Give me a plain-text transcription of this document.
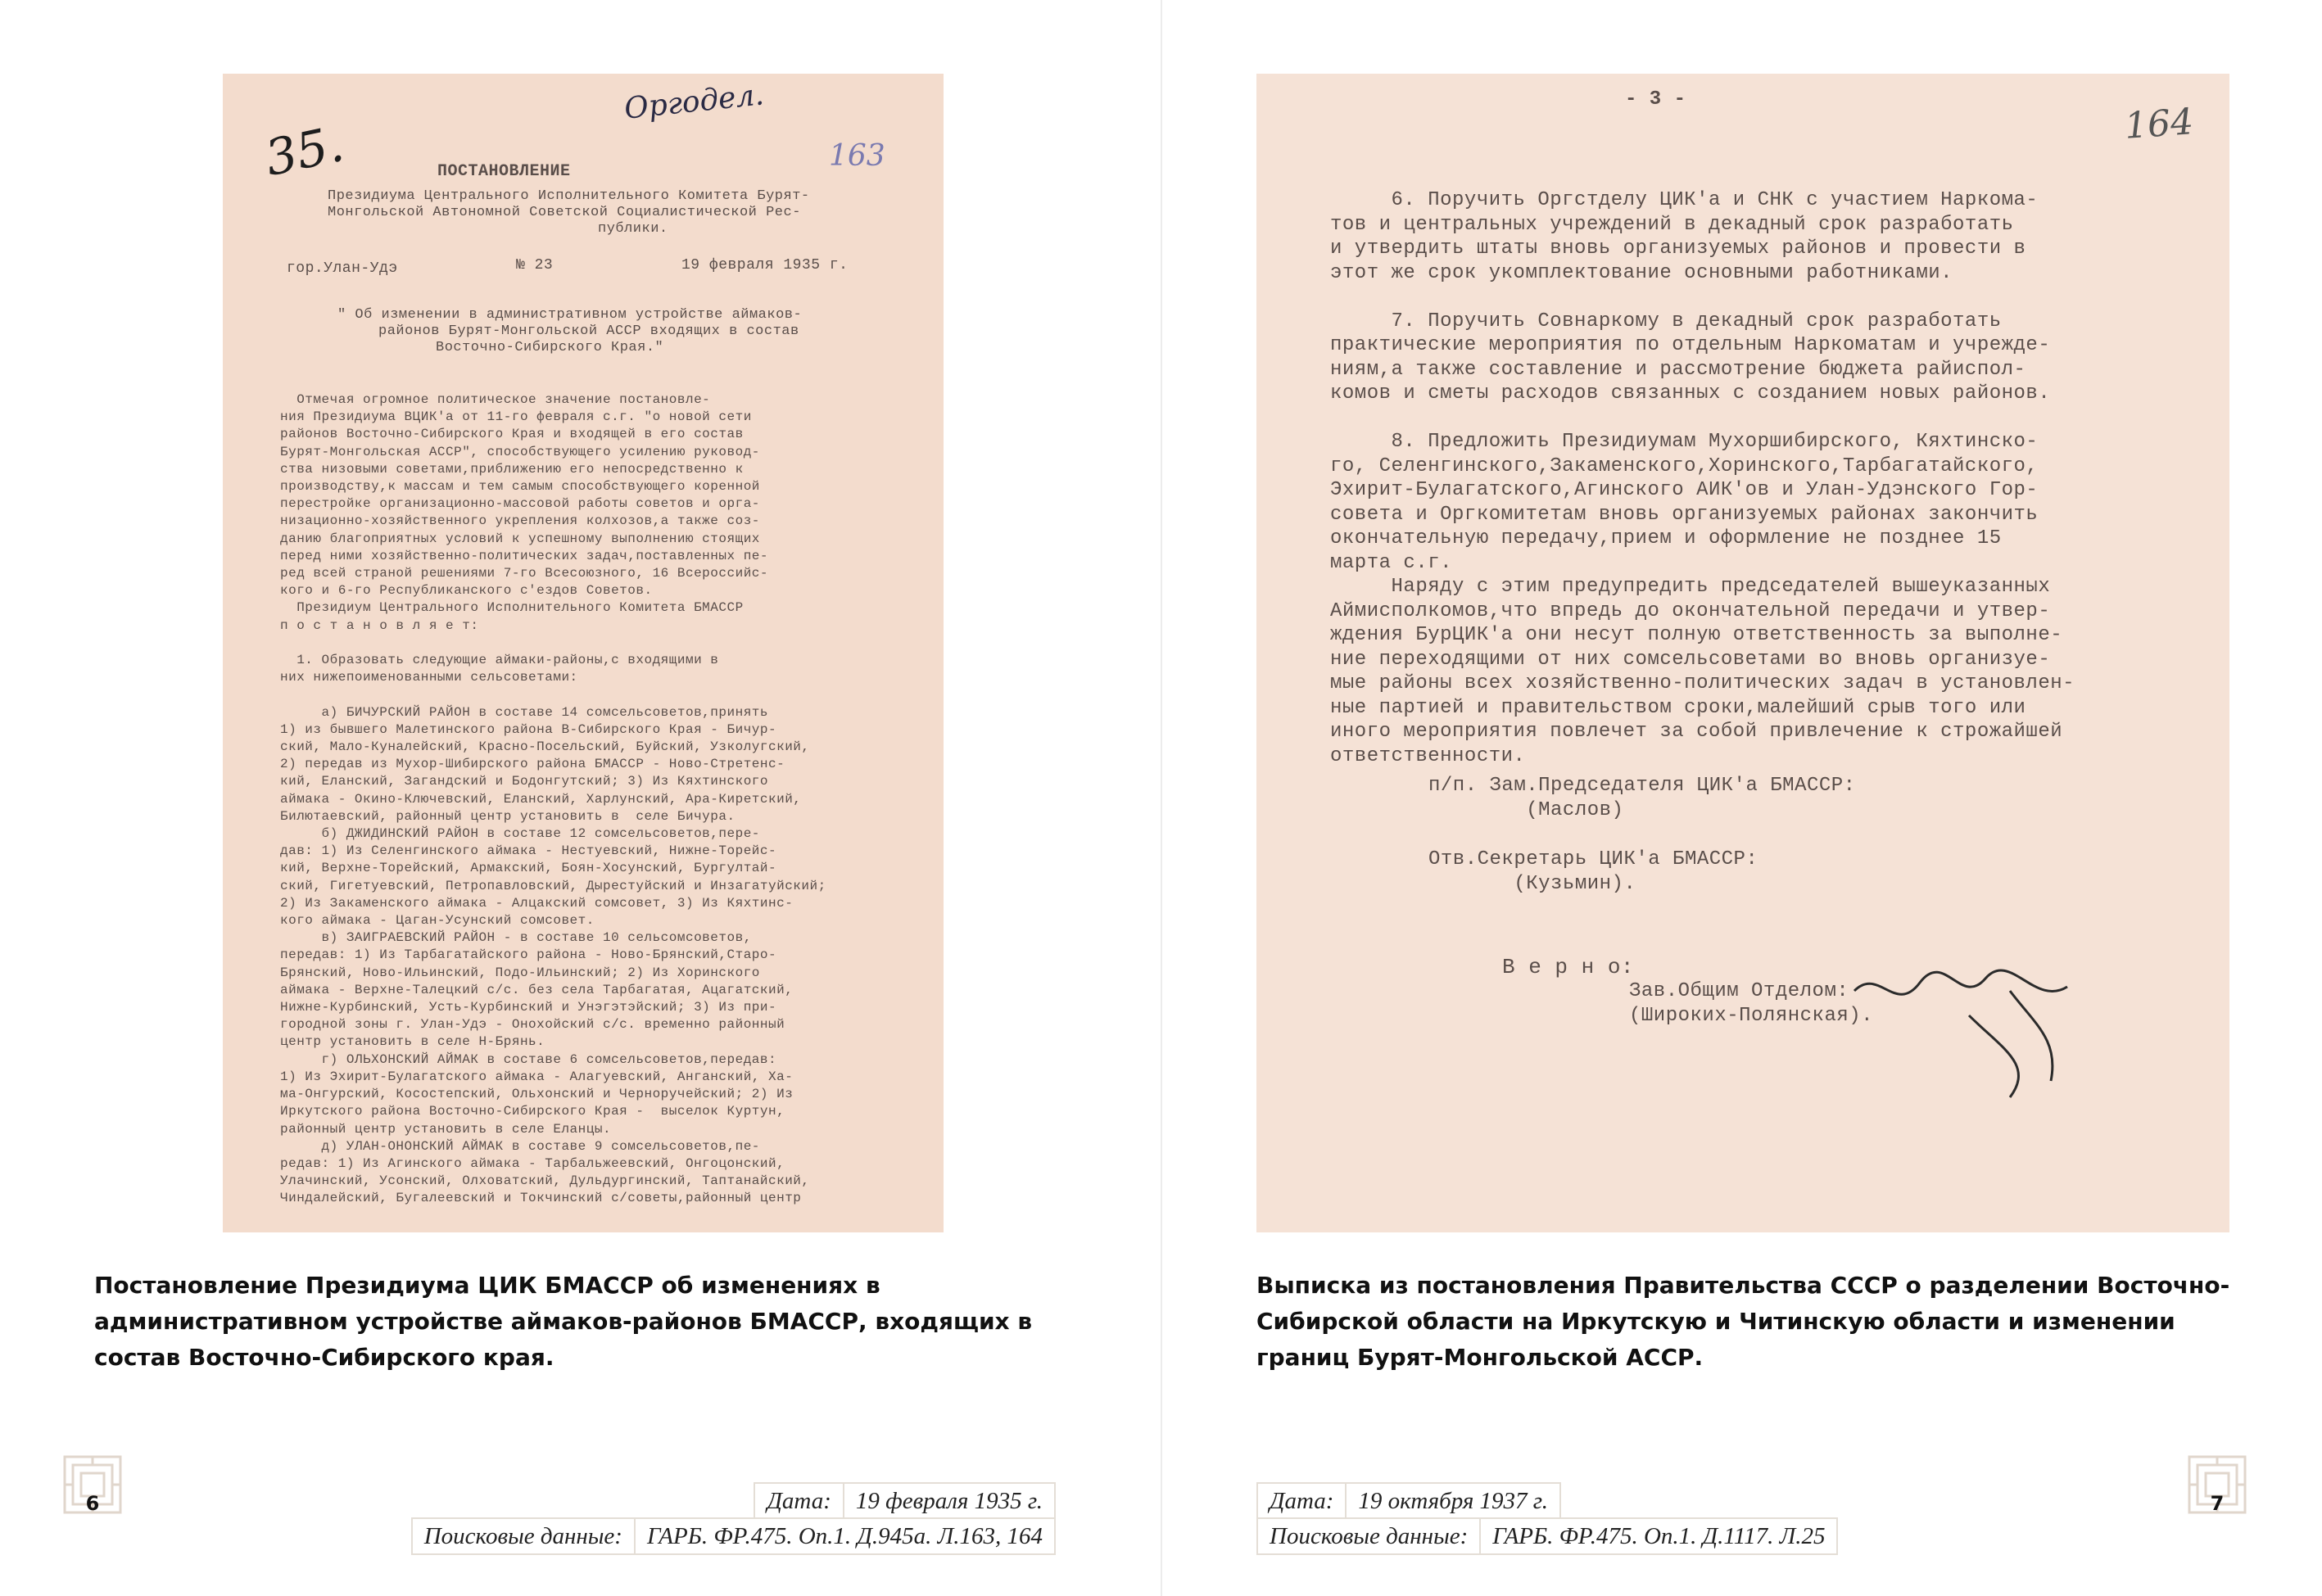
35.
Оргодел.
163
ПОСТАНОВЛЕНИЕ
Президиума Центрального Исполнительного Комитета Бурят-
Монгольской Автономной Советской Социалистической Рес-
публики.
гор.Улан-Удэ	№ 23	19 февраля 1935 г.
" Об изменении в административном устройстве аймаков-
районов Бурят-Монгольской АССР входящих в состав
Восточно-Сибирского Края."
Отмечая огромное политическое значение постановле-
ния Президиума ВЦИК'а от 11-го февраля с.г. "о новой сети
районов Восточно-Сибирского Края и входящей в его состав
Бурят-Монгольская АССР", способствующего усилению руковод-
ства низовыми советами,приближению его непосредственно к
производству,к массам и тем самым способствующего коренной
перестройке организационно-массовой работы советов и орга-
низационно-хозяйственного укрепления колхозов,а также соз-
данию благоприятных условий к успешному выполнению стоящих
перед ними хозяйственно-политических задач,поставленных пе-
ред всей страной решениями 7-го Всесоюзного, 16 Всероссийс-
кого и 6-го Республиканского с'ездов Советов.
Президиум Центрального Исполнительного Комитета БМАССР
п о с т а н о в л я е т:
1. Образовать следующие аймаки-районы,с входящими в
них нижепоименованными сельсоветами:
а) БИЧУРСКИЙ РАЙОН в составе 14 сомсельсоветов,принять
1) из бывшего Малетинского района В-Сибирского Края - Бичур-
ский, Мало-Куналейский, Красно-Посельский, Буйский, Узколугский,
2) передав из Мухор-Шибирского района БМАССР - Ново-Стретенс-
кий, Еланский, Загандский и Бодонгутский; 3) Из Кяхтинского
аймака - Окино-Ключевский, Еланский, Хаpлунский, Ара-Киретский,
Билютаевский, районный центр установить в  селе Бичура.
б) ДЖИДИНСКИЙ РАЙОН в составе 12 сомсельсоветов,пере-
дав: 1) Из Селенгинского аймака - Нестуевский, Нижне-Торейс-
кий, Верхне-Торейский, Армакский, Боян-Хосунский, Бургултай-
ский, Гигетуевский, Петропавловский, Дырестуйский и Инзагатуйский;
2) Из Закаменского аймака - Алцакский сомсовет, 3) Из Кяхтинс-
кого аймака - Цаган-Усунский сомсовет.
в) ЗАИГРАЕВСКИЙ РАЙОН - в составе 10 сельсомсоветов,
передав: 1) Из Тарбагатайского района - Ново-Брянский,Старо-
Брянский, Ново-Ильинский, Подо-Ильинский; 2) Из Хоринского
аймака - Верхне-Талецкий с/с. без села Тарбагатая, Ацагатский,
Нижне-Курбинский, Усть-Курбинский и Унэгэтэйский; 3) Из при-
городной зоны г. Улан-Удэ - Онохойский с/с. временно районный
центр установить в селе Н-Брянь.
г) ОЛЬХОНСКИЙ АЙМАК в составе 6 сомсельсоветов,передав:
1) Из Эхирит-Булагатского аймака - Алагуевский, Анганский, Ха-
ма-Онгурский, Косостепский, Ольхонский и Черноручейский; 2) Из
Иркутского района Восточно-Сибирского Края -  выселок Куртун,
районный центр установить в селе Еланцы.
д) УЛАН-ОНОНСКИЙ АЙМАК в составе 9 сомсельсоветов,пе-
редав: 1) Из Агинского аймака - Тарбальжеевский, Онгоцонский,
Улачинский, Усонский, Олховатский, Дульдургинский, Таптанайский,
Чиндалейский, Бугалеевский и Токчинский с/советы,районный центр

Постановление Президиума ЦИК БМАССР об изменениях в административном устройстве аймаков-районов БМАССР, входящих в состав Восточно-Сибирского края.

Дата:	19 февраля 1935 г.
Поисковые данные:	ГАРБ. ФР.475. Оп.1. Д.945а. Л.163, 164
6
- 3 -
164
6. Поручить Оргстделу ЦИК'а и СНК с участием Наркома-
тов и центральных учреждений в декадный срок разработать
и утвердить штаты вновь организуемых районов и провести в
этот же срок укомплектование основными работниками.
7. Поручить Совнаркому в декадный срок разработать
практические мероприятия по отдельным Наркоматам и учрежде-
ниям,а также составление и рассмотрение бюджета райиспол-
комов и сметы расходов связанных с созданием новых районов.
8. Предложить Президиумам Мухоршибирского, Кяхтинско-
го, Селенгинского,Закаменского,Хоринского,Тарбагатайского,
Эхирит-Булагатского,Агинского АИК'ов и Улан-Удэнского Гор-
совета и Оргкомитетам вновь организуемых районах закончить
окончательную передачу,прием и оформление не позднее 15
марта с.г.
Наряду с этим предупредить председателей вышеуказанных
Аймисполкомов,что впредь до окончательной передачи и утвер-
ждения БурЦИК'а они несут полную ответственность за выполне-
ние переходящими от них сомсельсоветами во вновь организуе-
мые районы всех хозяйственно-политических задач в установлен-
ные партией и правительством сроки,малейший срыв того или
иного мероприятия повлечет за собой привлечение к строжайшей
ответственности.
п/п. Зам.Председателя ЦИК'а БМАССР:
(Маслов)
Отв.Секретарь ЦИК'а БМАССР:
(Кузьмин).
В е р н о:
Зав.Общим Отделом:
(Широких-Полянская).

Выписка из постановления Правительства СССР о разделении Восточно-Сибирской области на Иркутскую и Читинскую области и изменении границ Бурят-Монгольской АССР.

Дата:	19 октября 1937 г.
Поисковые данные:	ГАРБ. ФР.475. Оп.1. Д.1117. Л.25
7
